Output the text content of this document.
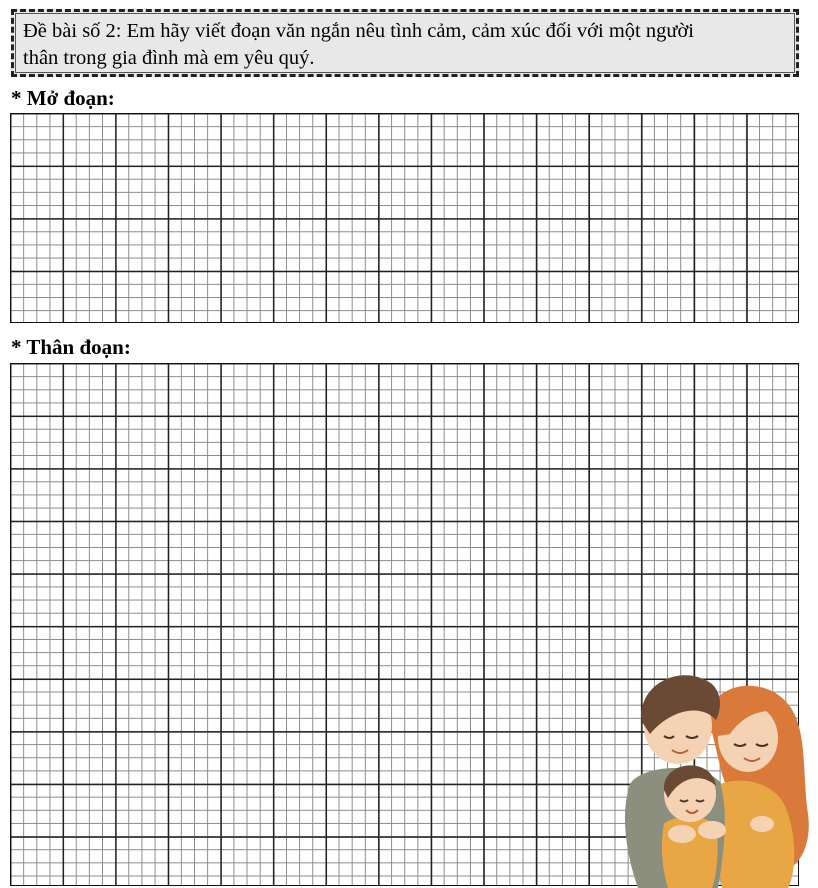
Đề bài số 2: Em hãy viết đoạn văn ngắn nêu tình cảm, cảm xúc đối với một người
thân trong gia đình mà em yêu quý.

* Mở đoạn:
* Thân đoạn:
